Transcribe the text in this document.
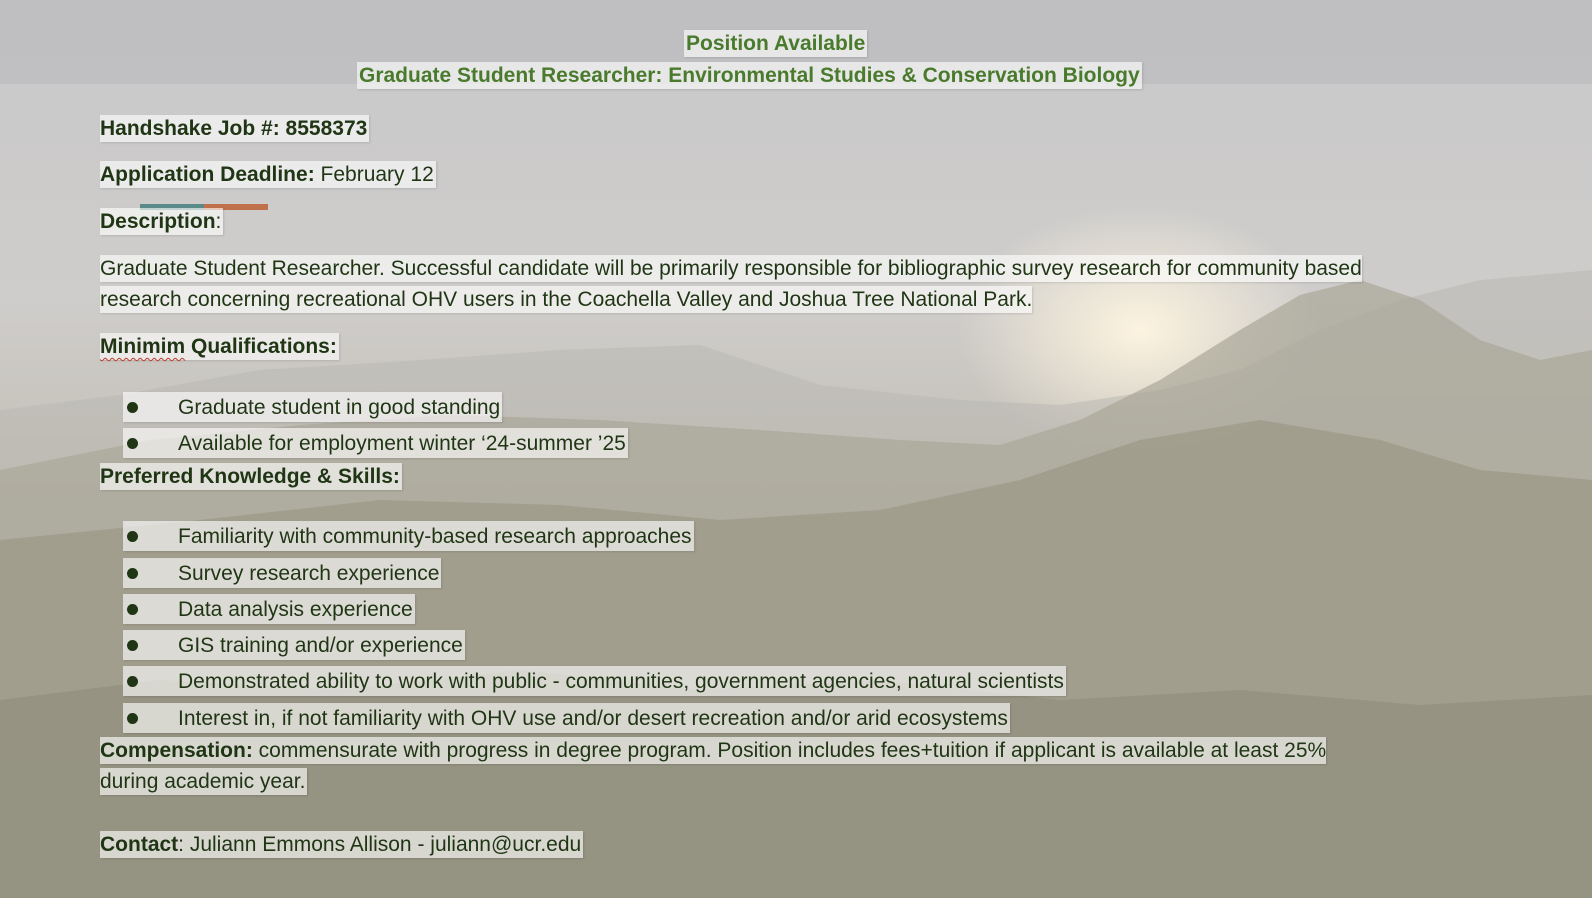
Position Available
Graduate Student Researcher: Environmental Studies & Conservation Biology
Handshake Job #: 8558373
Application Deadline: February 12
Description:
Graduate Student Researcher. Successful candidate will be primarily responsible for bibliographic survey research for community based
research concerning recreational OHV users in the Coachella Valley and Joshua Tree National Park.
Minimim Qualifications:
Graduate student in good standing
Available for employment winter ‘24-summer ’25
Preferred Knowledge & Skills:
Familiarity with community-based research approaches
Survey research experience
Data analysis experience
GIS training and/or experience
Demonstrated ability to work with public - communities, government agencies, natural scientists
Interest in, if not familiarity with OHV use and/or desert recreation and/or arid ecosystems
Compensation: commensurate with progress in degree program. Position includes fees+tuition if applicant is available at least 25%
during academic year.
Contact: Juliann Emmons Allison - juliann@ucr.edu
